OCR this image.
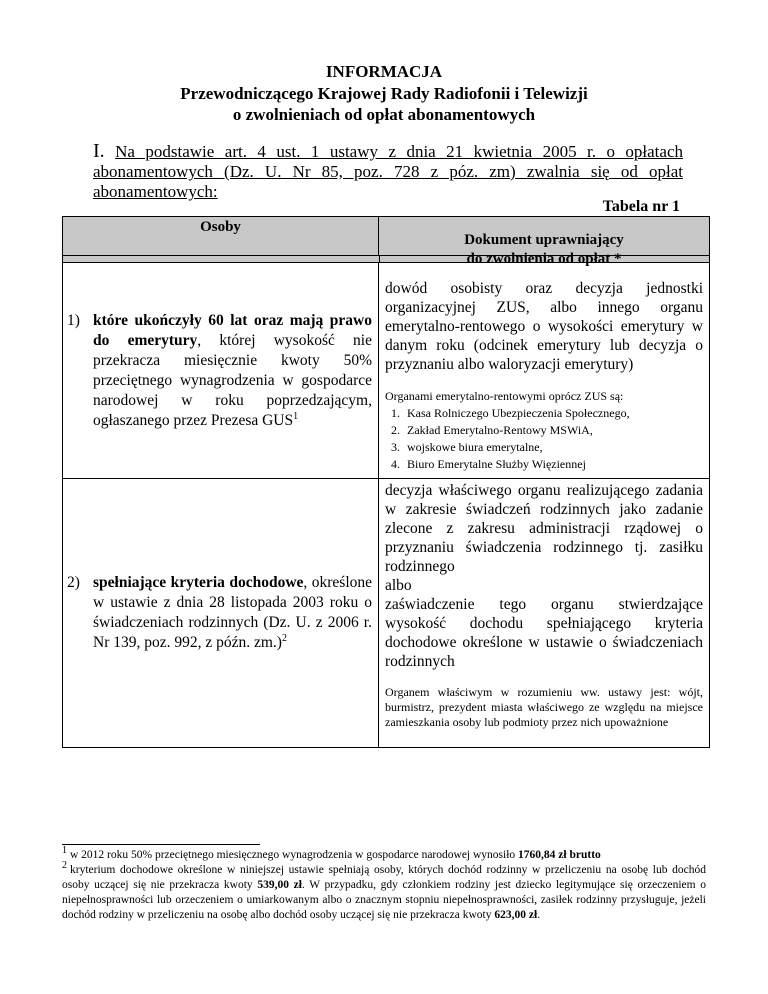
INFORMACJA
Przewodniczącego Krajowej Rady Radiofonii i Telewizji
o zwolnieniach od opłat abonamentowych
I. Na podstawie art. 4 ust. 1 ustawy z dnia 21 kwietnia 2005 r. o opłatach abonamentowych (Dz. U. Nr 85, poz. 728 z póz. zm) zwalnia się od opłat abonamentowych:
Tabela nr 1
Osoby
Dokument uprawniający
do zwolnienia od opłat *
1) które ukończyły 60 lat oraz mają prawo do emerytury, której wysokość nie przekracza miesięcznie kwoty 50% przeciętnego wynagrodzenia w gospodarce narodowej w roku poprzedzającym, ogłaszanego przez Prezesa GUS$^1$
dowód osobisty oraz decyzja jednostki organizacyjnej ZUS, albo innego organu emerytalno-rentowego o wysokości emerytury w danym roku (odcinek emerytury lub decyzja o przyznaniu albo waloryzacji emerytury)
Organami emerytalno-rentowymi oprócz ZUS są:
1. Kasa Rolniczego Ubezpieczenia Społecznego,
2. Zakład Emerytalno-Rentowy MSWiA,
3. wojskowe biura emerytalne,
4. Biuro Emerytalne Służby Więziennej
2) spełniające kryteria dochodowe, określone w ustawie z dnia 28 listopada 2003 roku o świadczeniach rodzinnych (Dz. U. z 2006 r. Nr 139, poz. 992, z późn. zm.)$^2$
decyzja właściwego organu realizującego zadania w zakresie świadczeń rodzinnych jako zadanie zlecone z zakresu administracji rządowej o przyznaniu świadczenia rodzinnego tj. zasiłku rodzinnego
albo
zaświadczenie tego organu stwierdzające wysokość dochodu spełniającego kryteria dochodowe określone w ustawie o świadczeniach rodzinnych
Organem właściwym w rozumieniu ww. ustawy jest: wójt, burmistrz, prezydent miasta właściwego ze względu na miejsce zamieszkania osoby lub podmioty przez nich upoważnione
1 w 2012 roku 50% przeciętnego miesięcznego wynagrodzenia w gospodarce narodowej wynosiło 1760,84 zł brutto
2 kryterium dochodowe określone w niniejszej ustawie spełniają osoby, których dochód rodzinny w przeliczeniu na osobę lub dochód osoby uczącej się nie przekracza kwoty 539,00 zł. W przypadku, gdy członkiem rodziny jest dziecko legitymujące się orzeczeniem o niepełnosprawności lub orzeczeniem o umiarkowanym albo o znacznym stopniu niepełnosprawności, zasiłek rodzinny przysługuje, jeżeli dochód rodziny w przeliczeniu na osobę albo dochód osoby uczącej się nie przekracza kwoty 623,00 zł.
